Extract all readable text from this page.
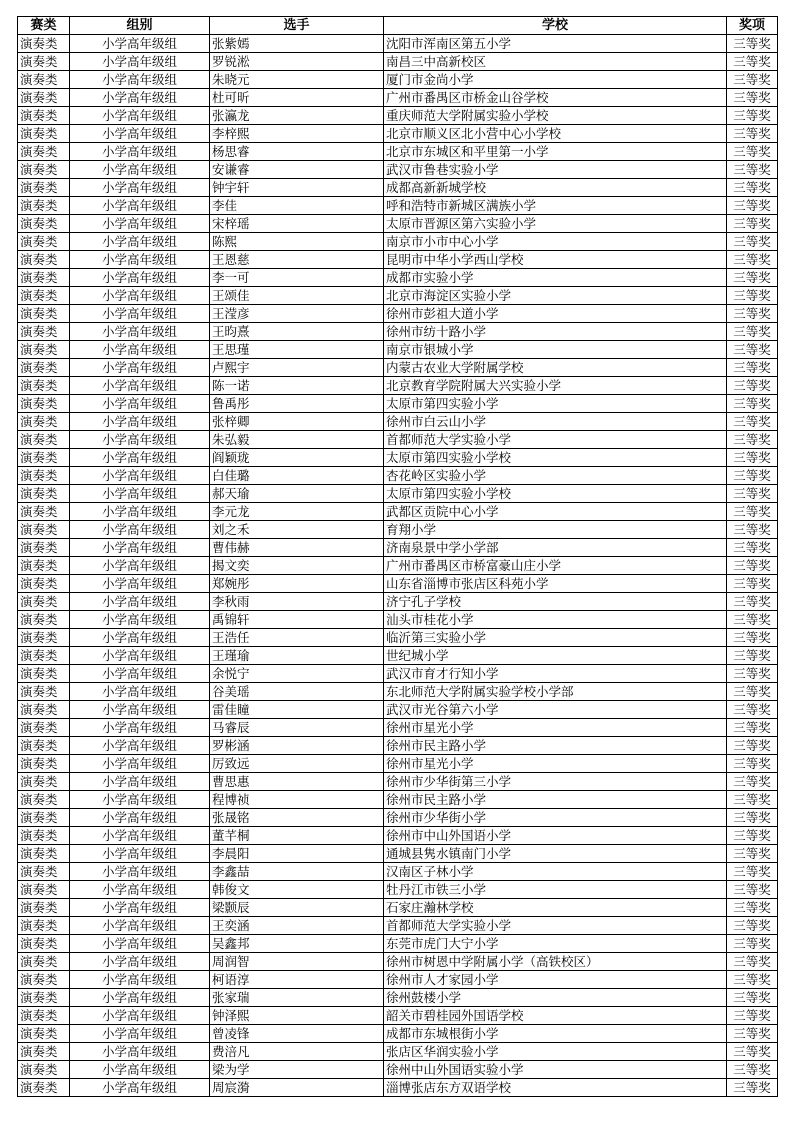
赛类	组别	选手	学校	奖项
演奏类	小学高年级组	张紫嫣	沈阳市浑南区第五小学	三等奖
演奏类	小学高年级组	罗锐淞	南昌三中高新校区	三等奖
演奏类	小学高年级组	朱晓元	厦门市金尚小学	三等奖
演奏类	小学高年级组	杜可昕	广州市番禺区市桥金山谷学校	三等奖
演奏类	小学高年级组	张瀛龙	重庆师范大学附属实验小学校	三等奖
演奏类	小学高年级组	李梓熙	北京市顺义区北小营中心小学校	三等奖
演奏类	小学高年级组	杨思睿	北京市东城区和平里第一小学	三等奖
演奏类	小学高年级组	安谦睿	武汉市鲁巷实验小学	三等奖
演奏类	小学高年级组	钟宇轩	成都高新新城学校	三等奖
演奏类	小学高年级组	李佳	呼和浩特市新城区满族小学	三等奖
演奏类	小学高年级组	宋梓瑶	太原市晋源区第六实验小学	三等奖
演奏类	小学高年级组	陈熙	南京市小市中心小学	三等奖
演奏类	小学高年级组	王恩慈	昆明市中华小学西山学校	三等奖
演奏类	小学高年级组	李一可	成都市实验小学	三等奖
演奏类	小学高年级组	王颂佳	北京市海淀区实验小学	三等奖
演奏类	小学高年级组	王滢彦	徐州市彭祖大道小学	三等奖
演奏类	小学高年级组	王昀熹	徐州市纺十路小学	三等奖
演奏类	小学高年级组	王思瑾	南京市银城小学	三等奖
演奏类	小学高年级组	卢熙宇	内蒙古农业大学附属学校	三等奖
演奏类	小学高年级组	陈一诺	北京教育学院附属大兴实验小学	三等奖
演奏类	小学高年级组	鲁禹彤	太原市第四实验小学	三等奖
演奏类	小学高年级组	张梓卿	徐州市白云山小学	三等奖
演奏类	小学高年级组	朱弘毅	首都师范大学实验小学	三等奖
演奏类	小学高年级组	阎颖珑	太原市第四实验小学校	三等奖
演奏类	小学高年级组	白佳璐	杏花岭区实验小学	三等奖
演奏类	小学高年级组	郝天瑜	太原市第四实验小学校	三等奖
演奏类	小学高年级组	李元龙	武都区贡院中心小学	三等奖
演奏类	小学高年级组	刘之禾	育翔小学	三等奖
演奏类	小学高年级组	曹伟赫	济南泉景中学小学部	三等奖
演奏类	小学高年级组	揭文奕	广州市番禺区市桥富豪山庄小学	三等奖
演奏类	小学高年级组	郑婉彤	山东省淄博市张店区科苑小学	三等奖
演奏类	小学高年级组	李秋雨	济宁孔子学校	三等奖
演奏类	小学高年级组	禹锦轩	汕头市桂花小学	三等奖
演奏类	小学高年级组	王浩任	临沂第三实验小学	三等奖
演奏类	小学高年级组	王瑾瑜	世纪城小学	三等奖
演奏类	小学高年级组	余悦宁	武汉市育才行知小学	三等奖
演奏类	小学高年级组	谷美瑶	东北师范大学附属实验学校小学部	三等奖
演奏类	小学高年级组	雷佳瞳	武汉市光谷第六小学	三等奖
演奏类	小学高年级组	马睿辰	徐州市星光小学	三等奖
演奏类	小学高年级组	罗彬涵	徐州市民主路小学	三等奖
演奏类	小学高年级组	厉致远	徐州市星光小学	三等奖
演奏类	小学高年级组	曹思惠	徐州市少华街第三小学	三等奖
演奏类	小学高年级组	程博祯	徐州市民主路小学	三等奖
演奏类	小学高年级组	张晟铭	徐州市少华街小学	三等奖
演奏类	小学高年级组	董芊桐	徐州市中山外国语小学	三等奖
演奏类	小学高年级组	李晨阳	通城县隽水镇南门小学	三等奖
演奏类	小学高年级组	李鑫喆	汉南区子林小学	三等奖
演奏类	小学高年级组	韩俊文	牡丹江市铁三小学	三等奖
演奏类	小学高年级组	梁颢辰	石家庄瀚林学校	三等奖
演奏类	小学高年级组	王奕涵	首都师范大学实验小学	三等奖
演奏类	小学高年级组	吴鑫邦	东莞市虎门大宁小学	三等奖
演奏类	小学高年级组	周润智	徐州市树恩中学附属小学（高铁校区）	三等奖
演奏类	小学高年级组	柯语淳	徐州市人才家园小学	三等奖
演奏类	小学高年级组	张家瑞	徐州鼓楼小学	三等奖
演奏类	小学高年级组	钟泽熙	韶关市碧桂园外国语学校	三等奖
演奏类	小学高年级组	曾凌锋	成都市东城根街小学	三等奖
演奏类	小学高年级组	费涪凡	张店区华润实验小学	三等奖
演奏类	小学高年级组	梁为学	徐州中山外国语实验小学	三等奖
演奏类	小学高年级组	周宸漪	淄博张店东方双语学校	三等奖
